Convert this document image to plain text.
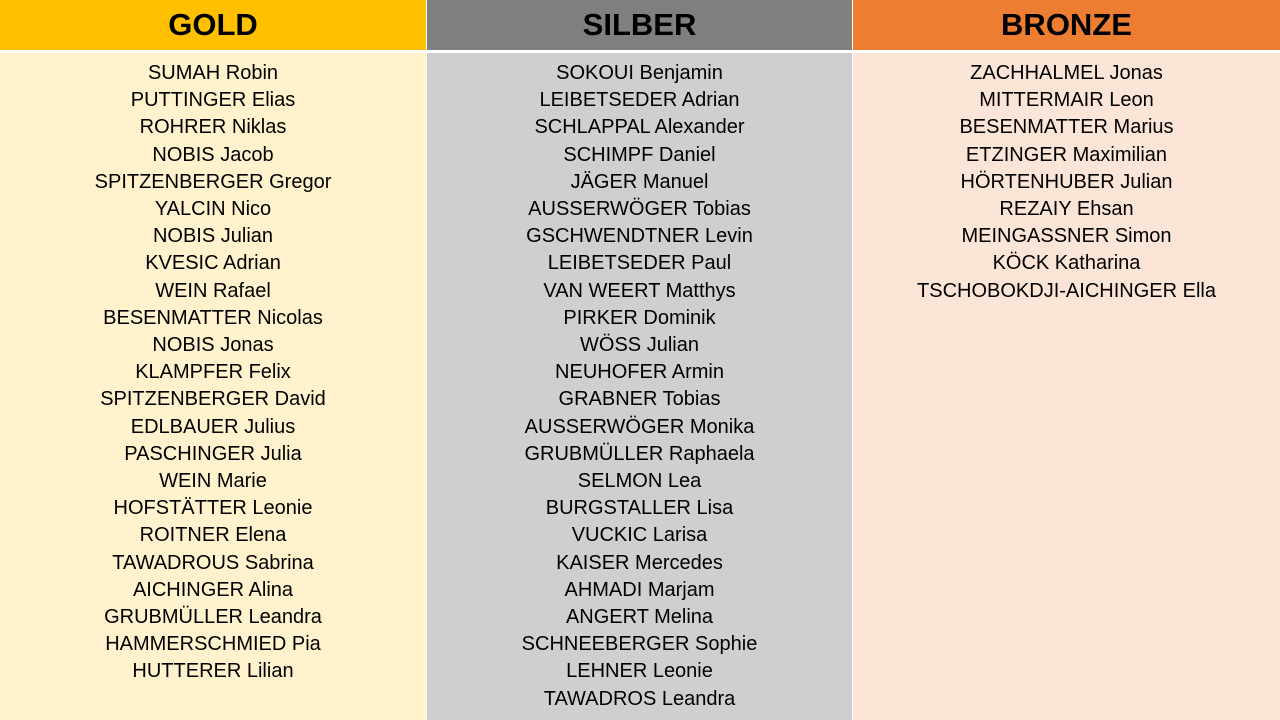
GOLD	SILBER	BRONZE
SUMAH Robin
PUTTINGER Elias
ROHRER Niklas
NOBIS Jacob
SPITZENBERGER Gregor
YALCIN Nico
NOBIS Julian
KVESIC Adrian
WEIN Rafael
BESENMATTER Nicolas
NOBIS Jonas
KLAMPFER Felix
SPITZENBERGER David
EDLBAUER Julius
PASCHINGER Julia
WEIN Marie
HOFSTÄTTER Leonie
ROITNER Elena
TAWADROUS Sabrina
AICHINGER Alina
GRUBMÜLLER Leandra
HAMMERSCHMIED Pia
HUTTERER Lilian
SOKOUI Benjamin
LEIBETSEDER Adrian
SCHLAPPAL Alexander
SCHIMPF Daniel
JÄGER Manuel
AUSSERWÖGER Tobias
GSCHWENDTNER Levin
LEIBETSEDER Paul
VAN WEERT Matthys
PIRKER Dominik
WÖSS Julian
NEUHOFER Armin
GRABNER Tobias
AUSSERWÖGER Monika
GRUBMÜLLER Raphaela
SELMON Lea
BURGSTALLER Lisa
VUCKIC Larisa
KAISER Mercedes
AHMADI Marjam
ANGERT Melina
SCHNEEBERGER Sophie
LEHNER Leonie
TAWADROS Leandra
ZACHHALMEL Jonas
MITTERMAIR Leon
BESENMATTER Marius
ETZINGER Maximilian
HÖRTENHUBER Julian
REZAIY Ehsan
MEINGASSNER Simon
KÖCK Katharina
TSCHOBOKDJI-AICHINGER Ella
